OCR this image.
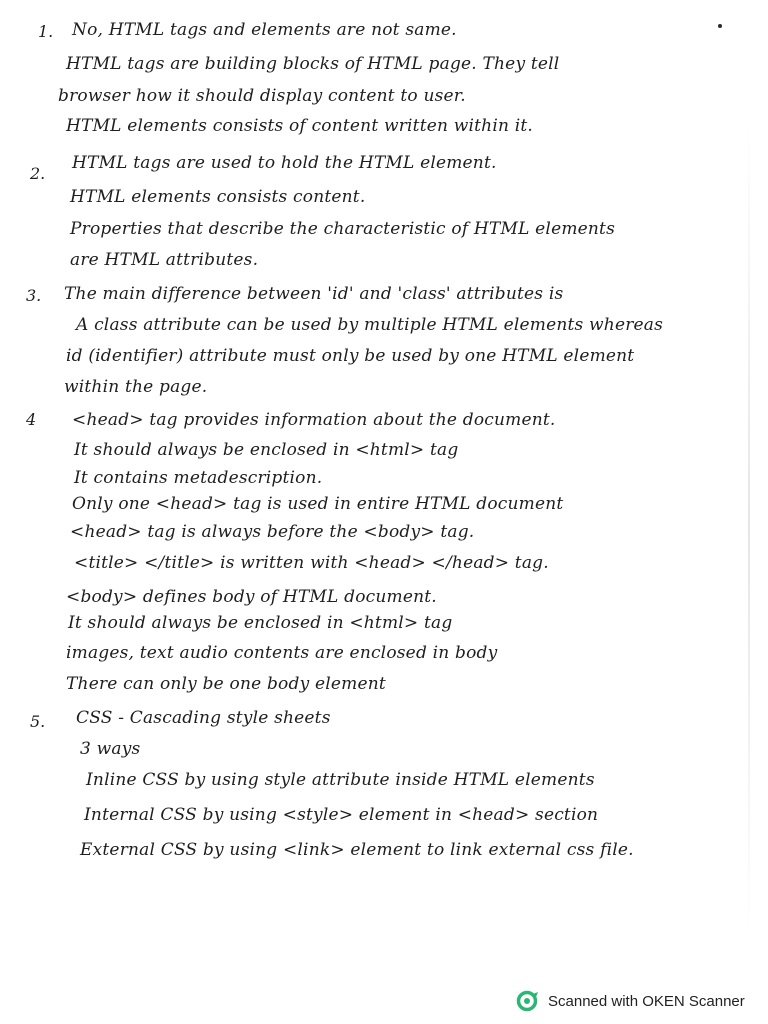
1. No, HTML tags and elements are not same.
HTML tags are building blocks of HTML page. They tell
browser how it should display content to user.
HTML elements consists of content written within it.
2.
HTML tags are used to hold the HTML element.
HTML elements consists content.
Properties that describe the characteristic of HTML elements
are HTML attributes.
3. The main difference between 'id' and 'class' attributes is
A class attribute can be used by multiple HTML elements whereas
id (identifier) attribute must only be used by one HTML element
within the page.
4 <head> tag provides information about the document.
It should always be enclosed in <html> tag
It contains metadescription.
Only one <head> tag is used in entire HTML document
<head> tag is always before the <body> tag.
<title> </title> is written with <head> </head> tag.
<body> defines body of HTML document.
It should always be enclosed in <html> tag
images, text audio contents are enclosed in body
There can only be one body element
5. CSS - Cascading style sheets
3 ways
Inline CSS by using style attribute inside HTML elements
Internal CSS by using <style> element in <head> section
External CSS by using <link> element to link external css file.
Scanned with OKEN Scanner
